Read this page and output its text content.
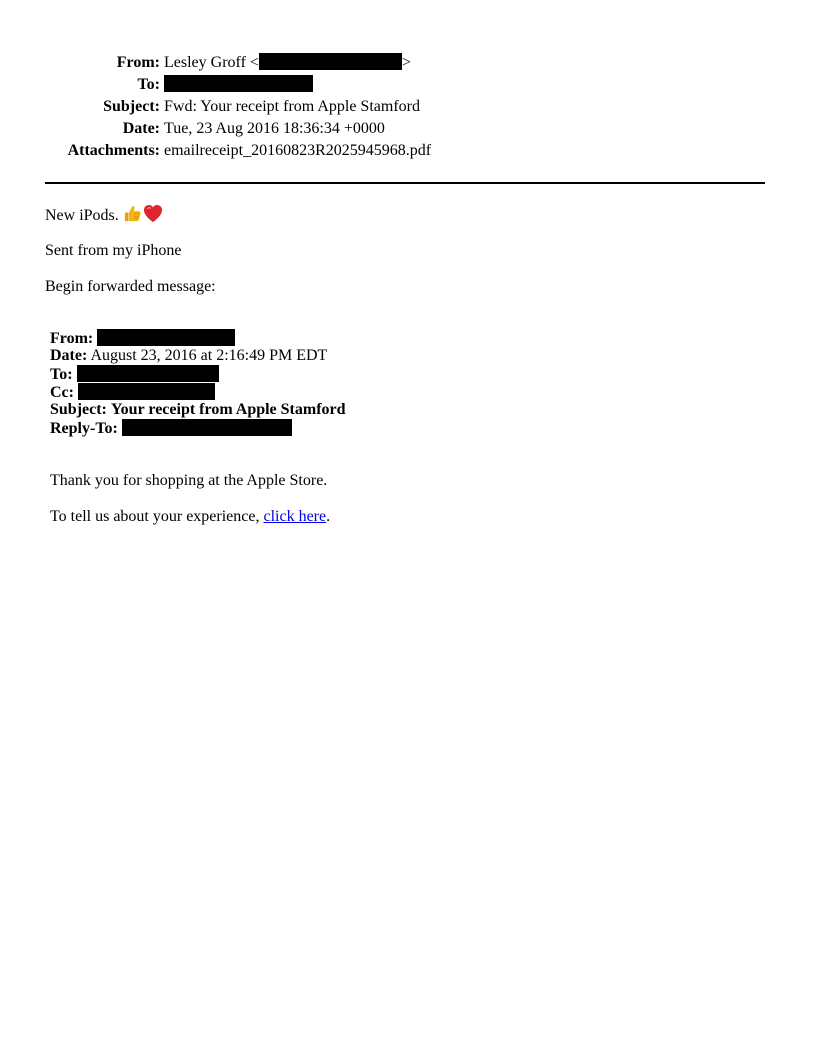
From: Lesley Groff <	>
To:
Subject: Fwd: Your receipt from Apple Stamford
Date: Tue, 23 Aug 2016 18:36:34 +0000
Attachments: emailreceipt_20160823R2025945968.pdf
New iPods.
Sent from my iPhone
Begin forwarded message:
From:
Date: August 23, 2016 at 2:16:49 PM EDT
To:
Cc:
Subject: Your receipt from Apple Stamford
Reply-To:
Thank you for shopping at the Apple Store.
To tell us about your experience, click here.
